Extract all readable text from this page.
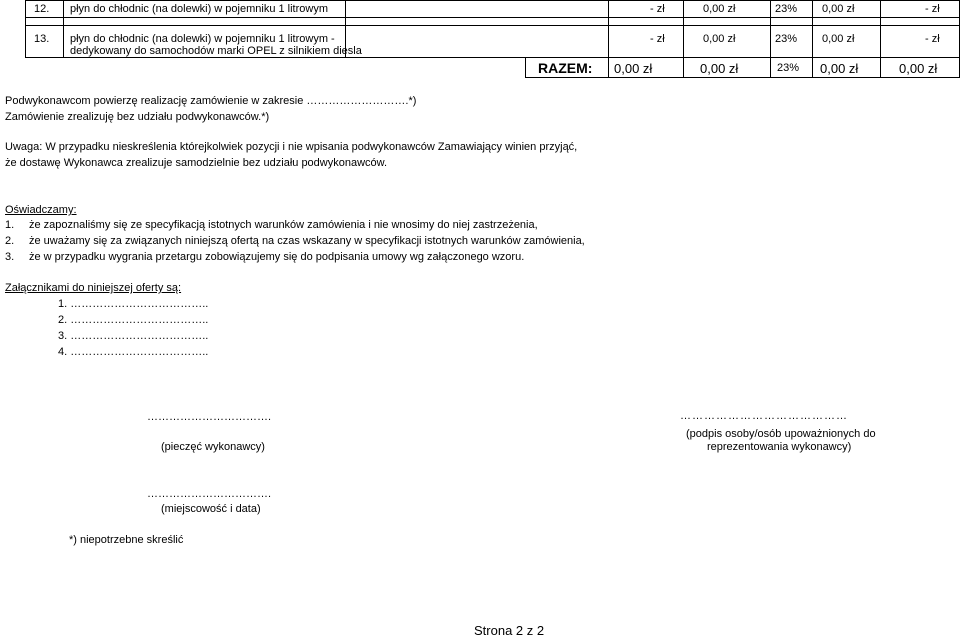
12. płyn do chłodnic (na dolewki) w pojemniku 1 litrowym	- zł	0,00 zł	23% 0,00 zł	- zł
13. płyn do chłodnic (na dolewki) w pojemniku 1 litrowym -
dedykowany do samochodów marki OPEL z silnikiem diesla
- zł	0,00 zł	23% 0,00 zł	- zł
RAZEM: 0,00 zł	0,00 zł	23% 0,00 zł	0,00 zł
Podwykonawcom powierzę realizację zamówienie w zakresie ……………………….*)
Zamówienie zrealizuję bez udziału podwykonawców.*)
Uwaga: W przypadku nieskreślenia którejkolwiek pozycji i nie wpisania podwykonawców Zamawiający winien przyjąć,
że dostawę Wykonawca zrealizuje samodzielnie bez udziału podwykonawców.
Oświadczamy:
1. że zapoznaliśmy się ze specyfikacją istotnych warunków zamówienia i nie wnosimy do niej zastrzeżenia,
2. że uważamy się za związanych niniejszą ofertą na czas wskazany w specyfikacji istotnych warunków zamówienia,
3. że w przypadku wygrania przetargu zobowiązujemy się do podpisania umowy wg załączonego wzoru.
Załącznikami do niniejszej oferty są:
1. ………………………………..
2. ………………………………..
3. ………………………………..
4. ………………………………..
…………………………….
(pieczęć wykonawcy)
……………………………………
(podpis osoby/osób upoważnionych do
reprezentowania wykonawcy)
…………………………….
(miejscowość i data)
*) niepotrzebne skreślić
Strona 2 z 2
